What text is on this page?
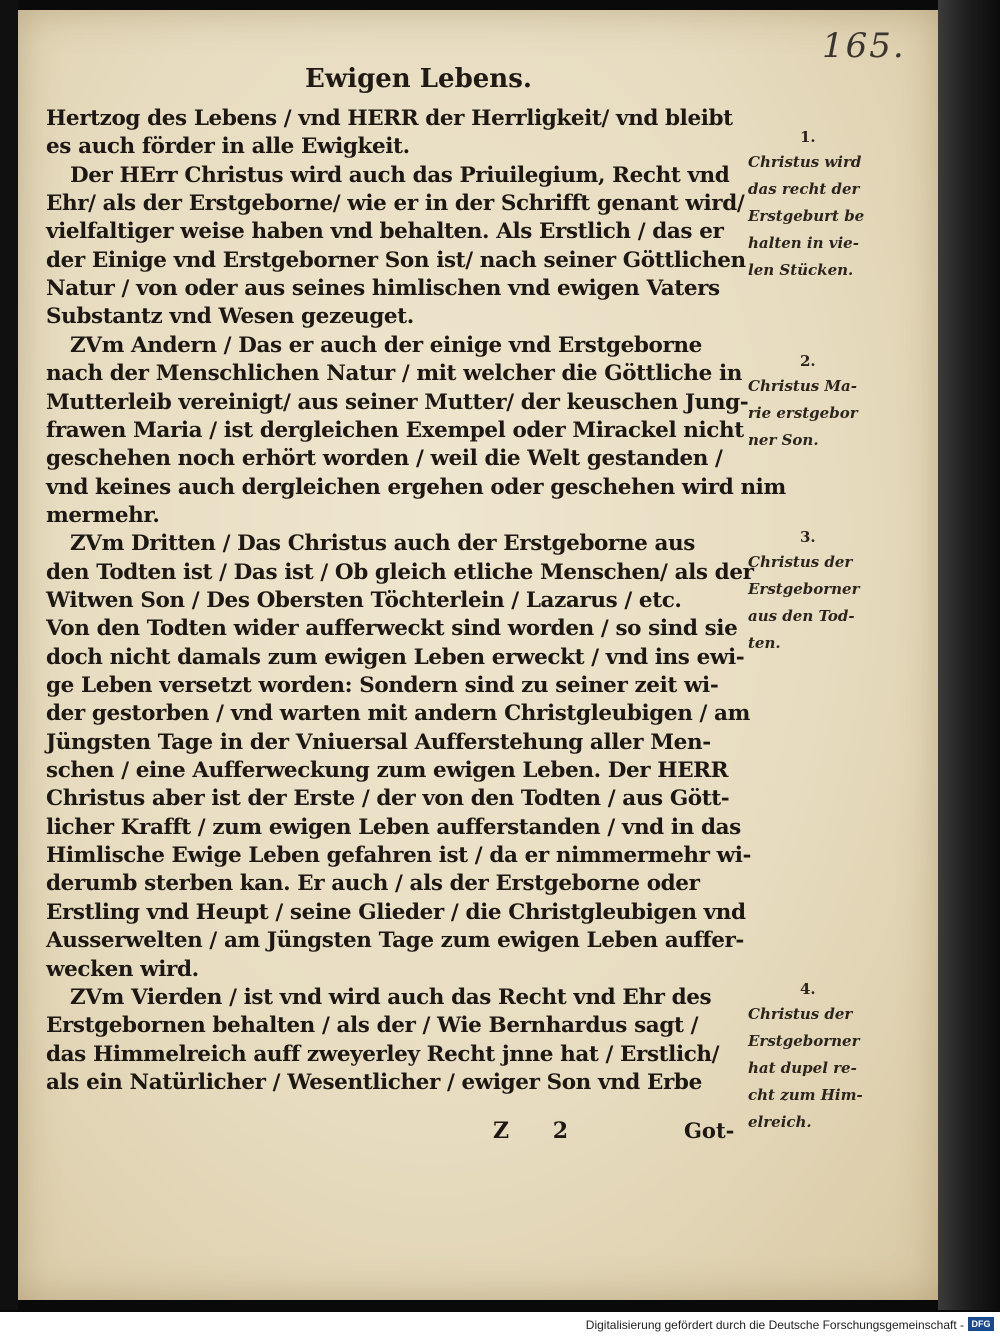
165.
Ewigen Lebens.
Hertzog des Lebens / vnd HERR der Herrligkeit/ vnd bleibt
es auch förder in alle Ewigkeit.
Der HErr Christus wird auch das Priuilegium, Recht vnd
Ehr/ als der Erstgeborne/ wie er in der Schrifft genant wird/
vielfaltiger weise haben vnd behalten. Als Erstlich / das er
der Einige vnd Erstgeborner Son ist/ nach seiner Göttlichen
Natur / von oder aus seines himlischen vnd ewigen Vaters
Substantz vnd Wesen gezeuget.
ZVm Andern / Das er auch der einige vnd Erstgeborne
nach der Menschlichen Natur / mit welcher die Göttliche in
Mutterleib vereinigt/ aus seiner Mutter/ der keuschen Jung-
frawen Maria / ist dergleichen Exempel oder Mirackel nicht
geschehen noch erhört worden / weil die Welt gestanden /
vnd keines auch dergleichen ergehen oder geschehen wird nim
mermehr.
ZVm Dritten / Das Christus auch der Erstgeborne aus
den Todten ist / Das ist / Ob gleich etliche Menschen/ als der
Witwen Son / Des Obersten Töchterlein / Lazarus / etc.
Von den Todten wider aufferweckt sind worden / so sind sie
doch nicht damals zum ewigen Leben erweckt / vnd ins ewi-
ge Leben versetzt worden: Sondern sind zu seiner zeit wi-
der gestorben / vnd warten mit andern Christgleubigen / am
Jüngsten Tage in der Vniuersal Aufferstehung aller Men-
schen / eine Aufferweckung zum ewigen Leben. Der HERR
Christus aber ist der Erste / der von den Todten / aus Gött-
licher Krafft / zum ewigen Leben aufferstanden / vnd in das
Himlische Ewige Leben gefahren ist / da er nimmermehr wi-
derumb sterben kan. Er auch / als der Erstgeborne oder
Erstling vnd Heupt / seine Glieder / die Christgleubigen vnd
Ausserwelten / am Jüngsten Tage zum ewigen Leben auffer-
wecken wird.
ZVm Vierden / ist vnd wird auch das Recht vnd Ehr des
Erstgebornen behalten / als der / Wie Bernhardus sagt /
das Himmelreich auff zweyerley Recht jnne hat / Erstlich/
als ein Natürlicher / Wesentlicher / ewiger Son vnd Erbe
1.
Christus wird
das recht der
Erstgeburt be
halten in vie-
len Stücken.
2.
Christus Ma-
rie erstgebor
ner Son.
3.
Christus der
Erstgeborner
aus den Tod-
ten.
4.
Christus der
Erstgeborner
hat dupel re-
cht zum Him-
elreich.
Z 2	Got-
Digitalisierung gefördert durch die Deutsche Forschungsgemeinschaft - DFG
